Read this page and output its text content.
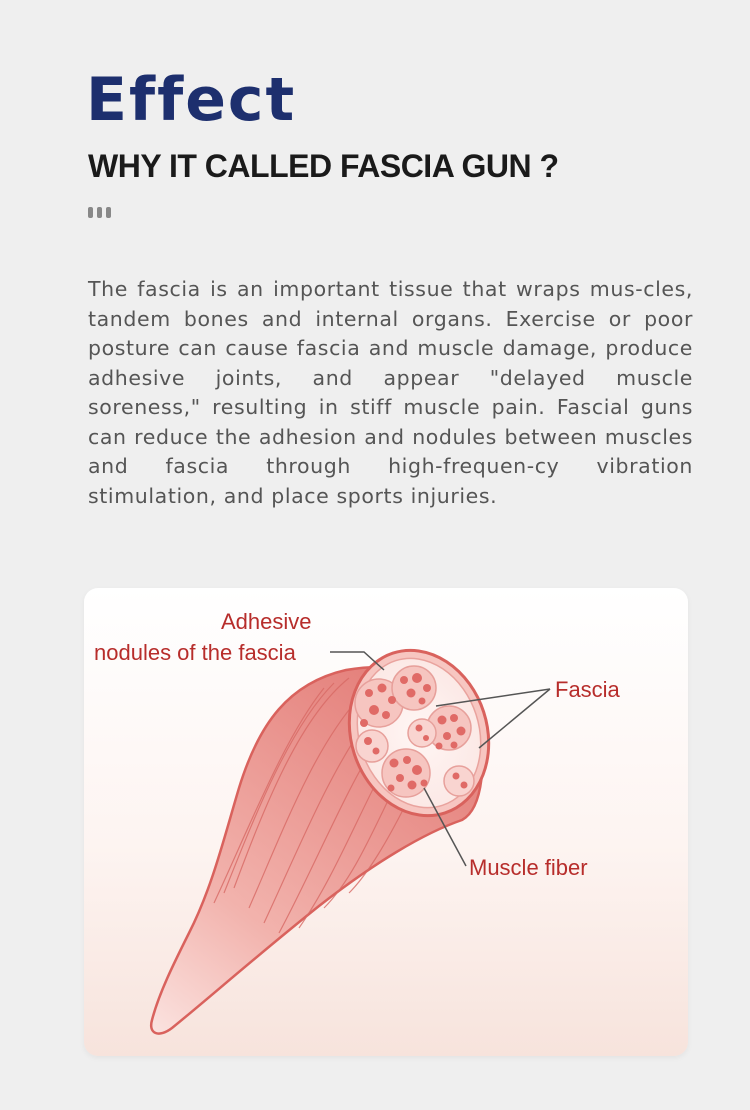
Effect
WHY IT CALLED FASCIA GUN ?

The fascia is an important tissue that wraps mus-cles, tandem bones and internal organs. Exercise or poor posture can cause fascia and muscle damage, produce adhesive joints, and appear "delayed muscle soreness," resulting in stiff muscle pain. Fascial guns can reduce the adhesion and nodules between muscles and fascia through high-frequen-cy vibration stimulation, and place sports injuries.

Adhesive

nodules of the fascia

Fascia

Muscle fiber
